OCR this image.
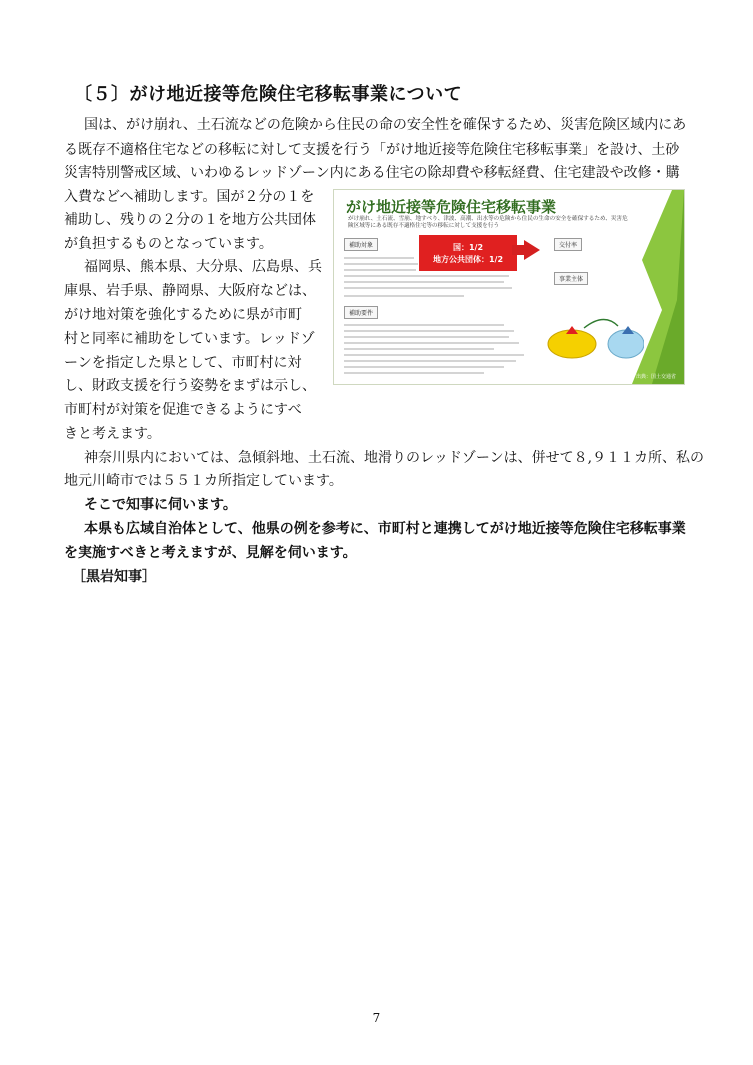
〔５〕がけ地近接等危険住宅移転事業について

国は、がけ崩れ、土石流などの危険から住民の命の安全性を確保するため、災害危険区域内にあ

る既存不適格住宅などの移転に対して支援を行う「がけ地近接等危険住宅移転事業」を設け、土砂

災害特別警戒区域、いわゆるレッドゾーン内にある住宅の除却費や移転経費、住宅建設や改修・購

入費などへ補助します。国が２分の１を

補助し、残りの２分の１を地方公共団体

が負担するものとなっています。

福岡県、熊本県、大分県、広島県、兵

庫県、岩手県、静岡県、大阪府などは、

がけ地対策を強化するために県が市町

村と同率に補助をしています。レッドゾ

ーンを指定した県として、市町村に対

し、財政支援を行う姿勢をまずは示し、

市町村が対策を促進できるようにすべ

きと考えます。

神奈川県内においては、急傾斜地、土石流、地滑りのレッドゾーンは、併せて８,９１１カ所、私の

地元川崎市では５５１カ所指定しています。

そこで知事に伺います。

本県も広域自治体として、他県の例を参考に、市町村と連携してがけ地近接等危険住宅移転事業

を実施すべきと考えますが、見解を伺います。

［黒岩知事］

がけ地近接等危険住宅移転事業
がけ崩れ、土石流、雪崩、地すべり、津波、高潮、出水等の危険から住民の生命の安全を確保するため、災害危険区域等にある既存不適格住宅等の移転に対して支援を行う
補助対象
補助要件
交付率
事業主体
国：1/2
地方公共団体：1/2
出典：国土交通省
7
